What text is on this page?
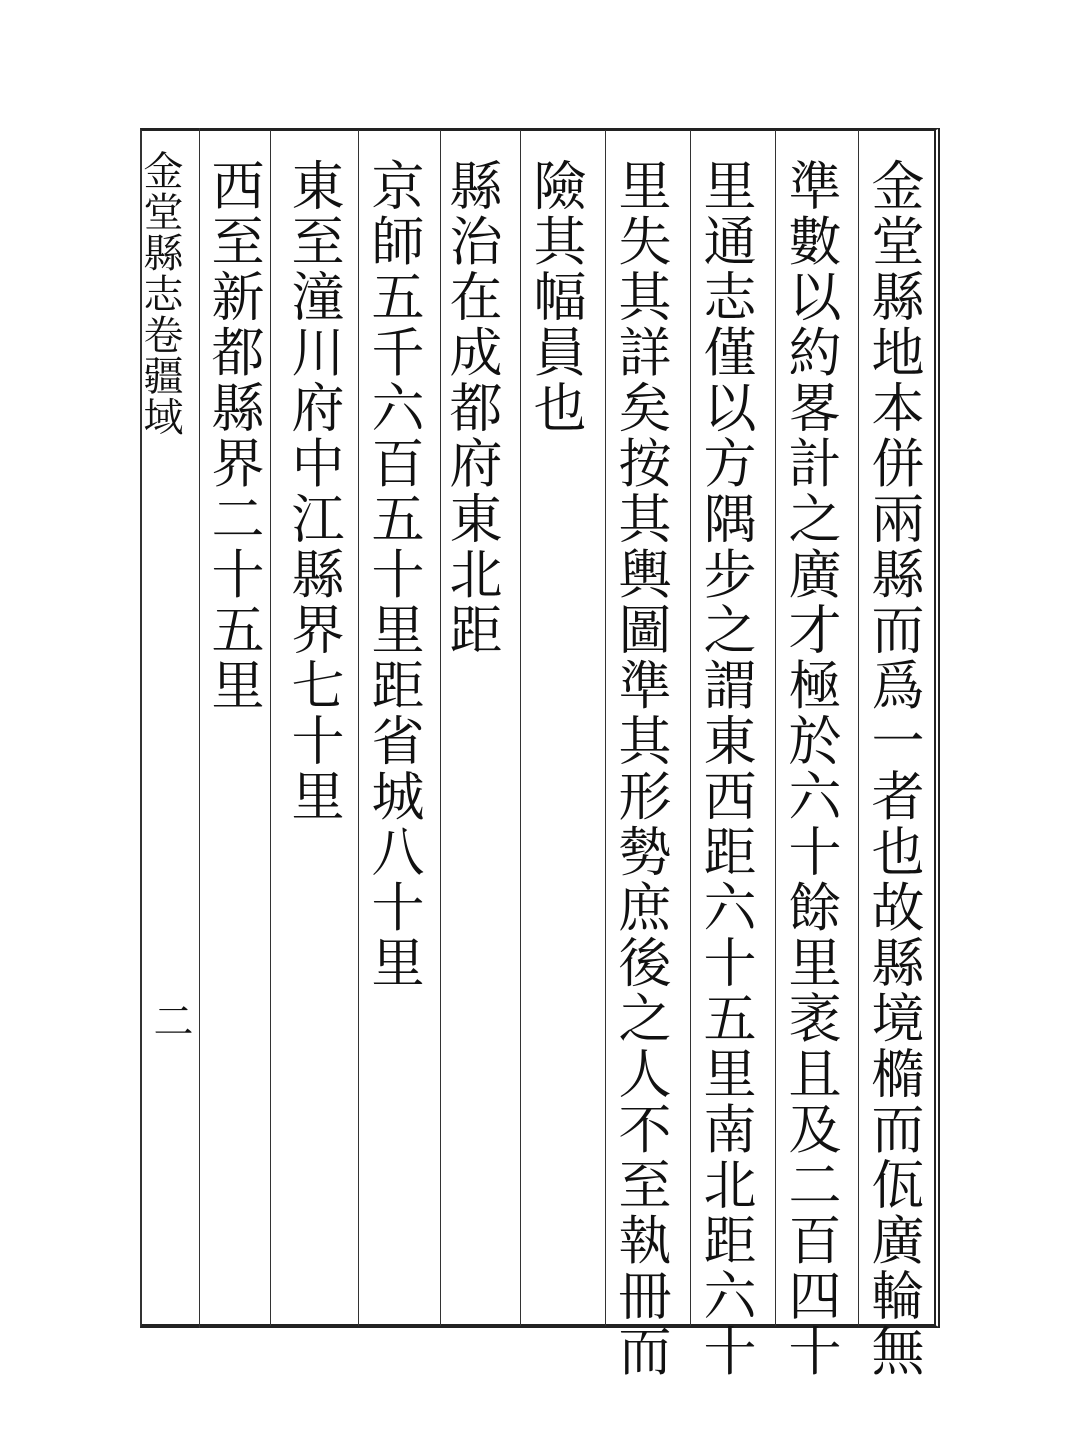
金堂縣志卷疆域
二	金堂縣地本併兩縣而爲一者也故縣境橢而佤廣輪無
準數以約畧計之廣才極於六十餘里袤且及二百四十
里通志僅以方隅步之謂東西距六十五里南北距六十
里失其詳矣按其輿圖準其形勢庶後之人不至執冊而
險其幅員也
縣治在成都府東北距
京師五千六百五十里距省城八十里
東至潼川府中江縣界七十里
西至新都縣界二十五里
